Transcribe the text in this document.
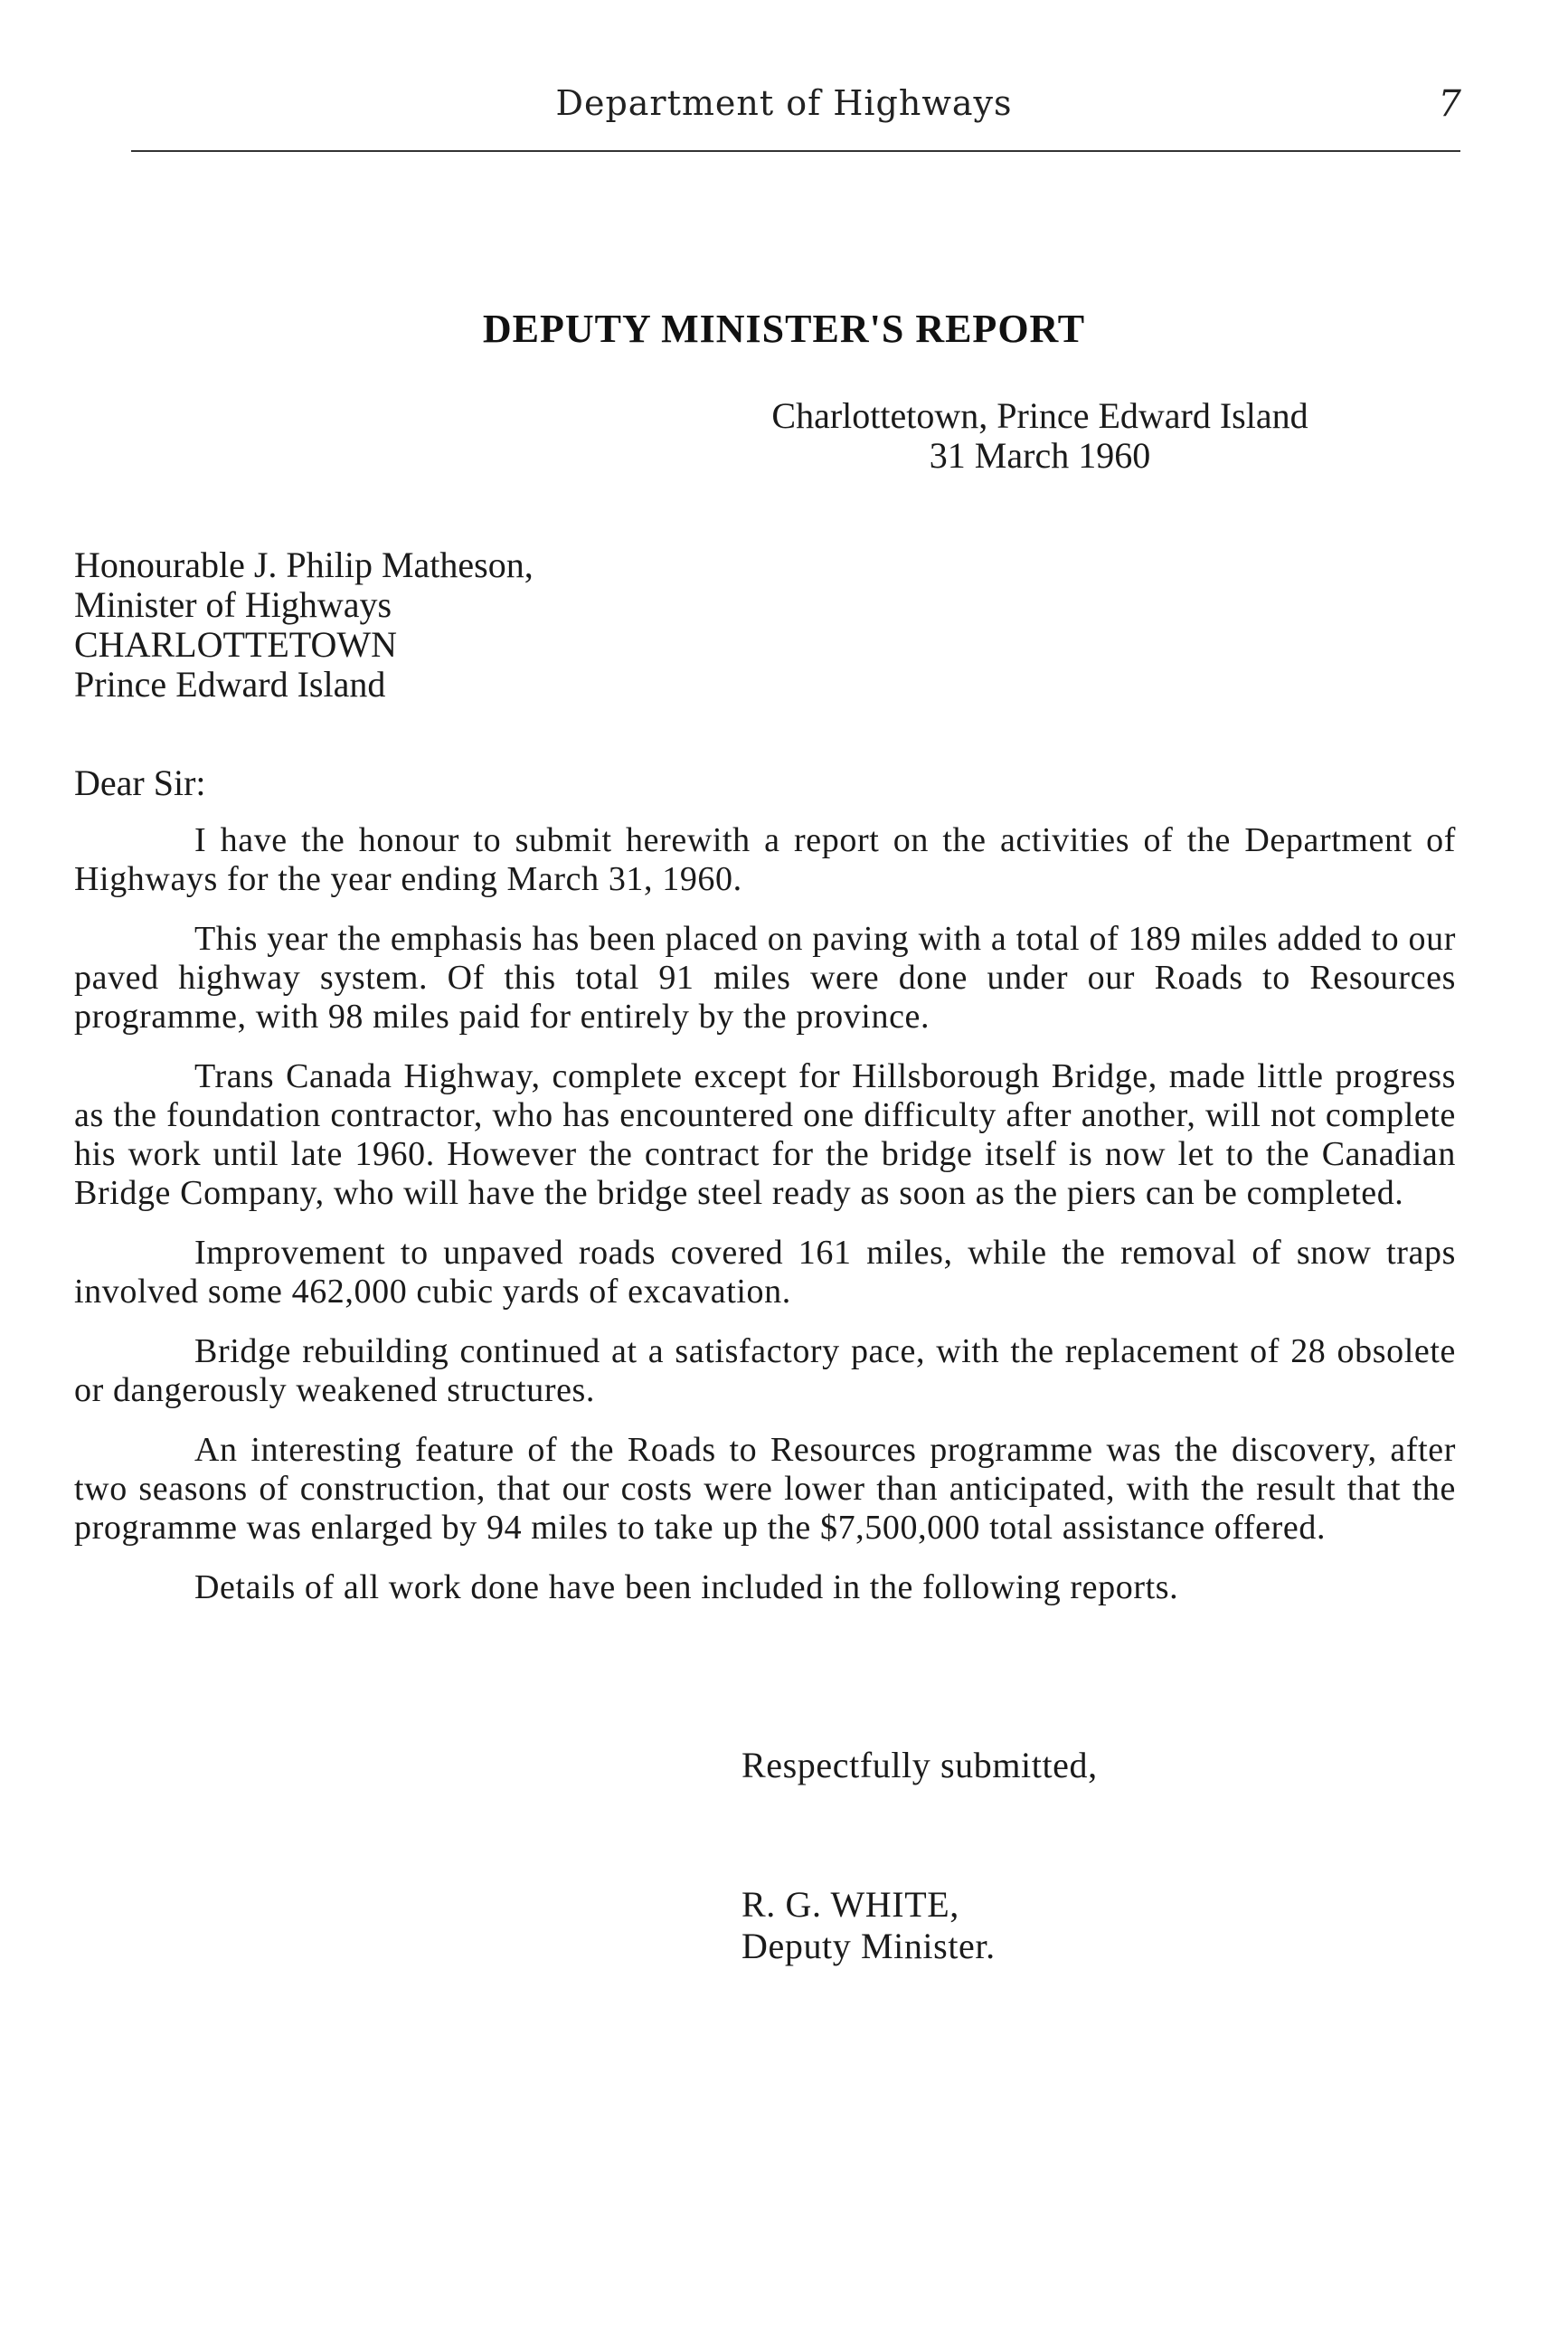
Department of Highways	7
DEPUTY MINISTER'S REPORT
Charlottetown, Prince Edward Island
31 March 1960
Honourable J. Philip Matheson,
Minister of Highways
CHARLOTTETOWN
Prince Edward Island
Dear Sir:

I have the honour to submit herewith a report on the activities of the Department of Highways for the year ending March 31, 1960.

This year the emphasis has been placed on paving with a total of 189 miles added to our paved highway system. Of this total 91 miles were done under our Roads to Resources programme, with 98 miles paid for entirely by the province.

Trans Canada Highway, complete except for Hillsborough Bridge, made little progress as the foundation contractor, who has encountered one difficulty after another, will not complete his work until late 1960. However the contract for the bridge itself is now let to the Canadian Bridge Company, who will have the bridge steel ready as soon as the piers can be completed.

Improvement to unpaved roads covered 161 miles, while the removal of snow traps involved some 462,000 cubic yards of excavation.

Bridge rebuilding continued at a satisfactory pace, with the replacement of 28 obsolete or dangerously weakened structures.

An interesting feature of the Roads to Resources programme was the discovery, after two seasons of construction, that our costs were lower than anticipated, with the result that the programme was enlarged by 94 miles to take up the $7,500,000 total assistance offered.

Details of all work done have been included in the following reports.

Respectfully submitted,
R. G. WHITE,
Deputy Minister.
